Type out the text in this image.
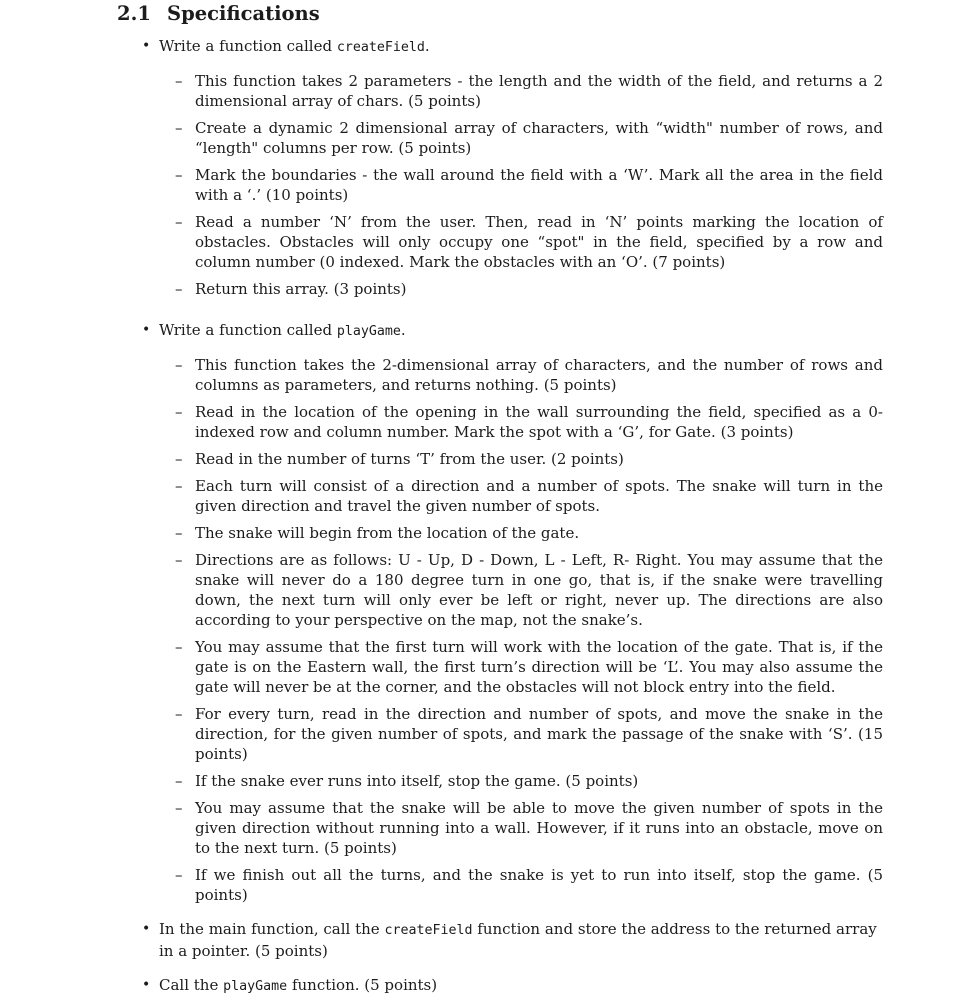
2.1 Specifications
• Write a function called createField.
– This function takes 2 parameters - the length and the width of the field, and returns a 2 dimensional array of chars. (5 points)
– Create a dynamic 2 dimensional array of characters, with “width" number of rows, and “length" columns per row. (5 points)
– Mark the boundaries - the wall around the field with a ‘W’. Mark all the area in the field with a ‘.’ (10 points)
– Read a number ‘N’ from the user. Then, read in ‘N’ points marking the location of obstacles. Obstacles will only occupy one “spot" in the field, specified by a row and column number (0 indexed. Mark the obstacles with an ‘O’. (7 points)
– Return this array. (3 points)
• Write a function called playGame.
– This function takes the 2-dimensional array of characters, and the number of rows and columns as parameters, and returns nothing. (5 points)
– Read in the location of the opening in the wall surrounding the field, specified as a 0-indexed row and column number. Mark the spot with a ‘G’, for Gate. (3 points)
– Read in the number of turns ‘T’ from the user. (2 points)
– Each turn will consist of a direction and a number of spots. The snake will turn in the given direction and travel the given number of spots.
– The snake will begin from the location of the gate.
– Directions are as follows: U - Up, D - Down, L - Left, R- Right. You may assume that the snake will never do a 180 degree turn in one go, that is, if the snake were travelling down, the next turn will only ever be left or right, never up. The directions are also according to your perspective on the map, not the snake’s.
– You may assume that the first turn will work with the location of the gate. That is, if the gate is on the Eastern wall, the first turn’s direction will be ‘L’. You may also assume the gate will never be at the corner, and the obstacles will not block entry into the field.
– For every turn, read in the direction and number of spots, and move the snake in the direction, for the given number of spots, and mark the passage of the snake with ‘S’. (15 points)
– If the snake ever runs into itself, stop the game. (5 points)
– You may assume that the snake will be able to move the given number of spots in the given direction without running into a wall. However, if it runs into an obstacle, move on to the next turn. (5 points)
– If we finish out all the turns, and the snake is yet to run into itself, stop the game. (5 points)
• In the main function, call the createField function and store the address to the returned array in a pointer. (5 points)
• Call the playGame function. (5 points)
